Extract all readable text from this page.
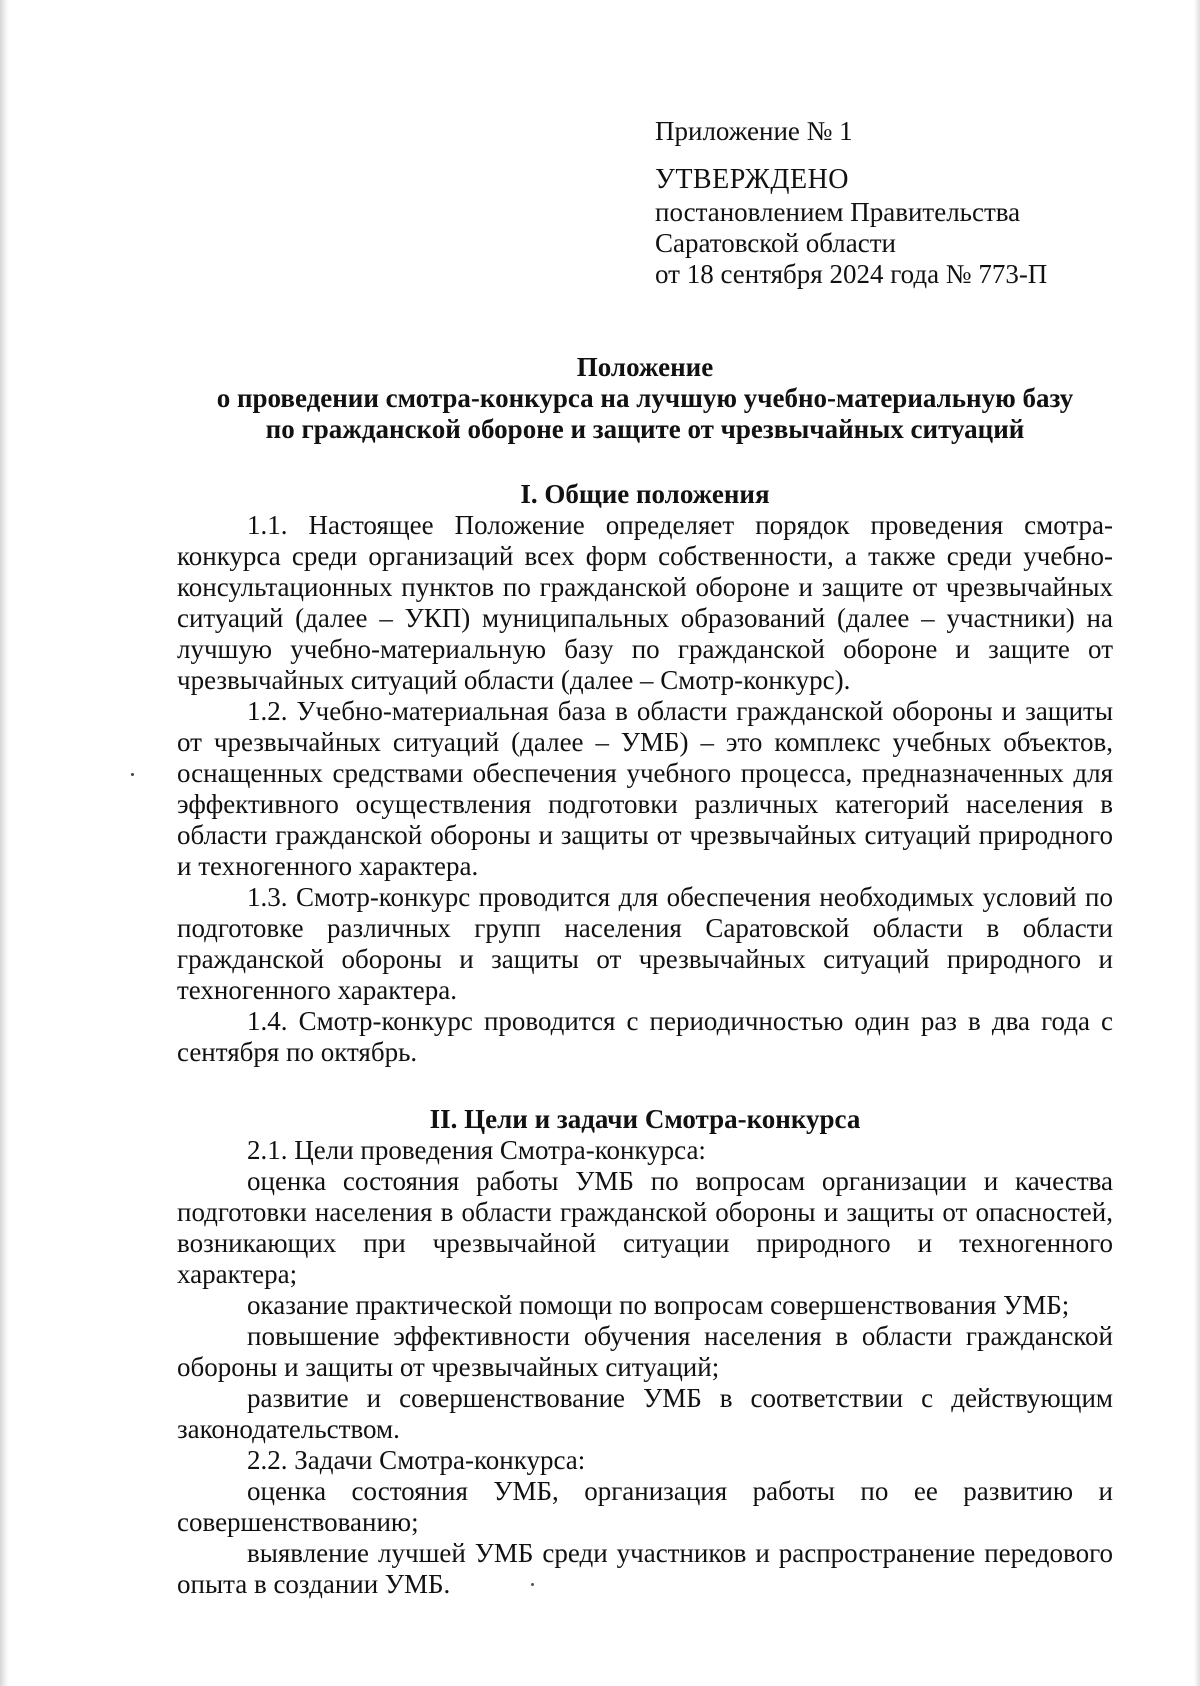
Приложение № 1

УТВЕРЖДЕНО

постановлением Правительства

Саратовской области

от 18 сентября 2024 года № 773-П

Положение
о проведении смотра-конкурса на лучшую учебно-материальную базу
по гражданской обороне и защите от чрезвычайных ситуаций
I. Общие положения

1.1. Настоящее Положение определяет порядок проведения смотра-конкурса среди организаций всех форм собственности, а также среди учебно-консультационных пунктов по гражданской обороне и защите от чрезвычайных ситуаций (далее – УКП) муниципальных образований (далее – участники) на лучшую учебно-материальную базу по гражданской обороне и защите от чрезвычайных ситуаций области (далее – Смотр-конкурс).

1.2. Учебно-материальная база в области гражданской обороны и защиты от чрезвычайных ситуаций (далее – УМБ) – это комплекс учебных объектов, оснащенных средствами обеспечения учебного процесса, предназначенных для эффективного осуществления подготовки различных категорий населения в области гражданской обороны и защиты от чрезвычайных ситуаций природного и техногенного характера.

1.3. Смотр-конкурс проводится для обеспечения необходимых условий по подготовке различных групп населения Саратовской области в области гражданской обороны и защиты от чрезвычайных ситуаций природного и техногенного характера.

1.4. Смотр-конкурс проводится с периодичностью один раз в два года с сентября по октябрь.

II. Цели и задачи Смотра-конкурса

2.1. Цели проведения Смотра-конкурса:

оценка состояния работы УМБ по вопросам организации и качества подготовки населения в области гражданской обороны и защиты от опасностей, возникающих при чрезвычайной ситуации природного и техногенного характера;

оказание практической помощи по вопросам совершенствования УМБ;

повышение эффективности обучения населения в области гражданской обороны и защиты от чрезвычайных ситуаций;

развитие и совершенствование УМБ в соответствии с действующим законодательством.

2.2. Задачи Смотра-конкурса:

оценка состояния УМБ, организация работы по ее развитию и совершенствованию;

выявление лучшей УМБ среди участников и распространение передового опыта в создании УМБ.
